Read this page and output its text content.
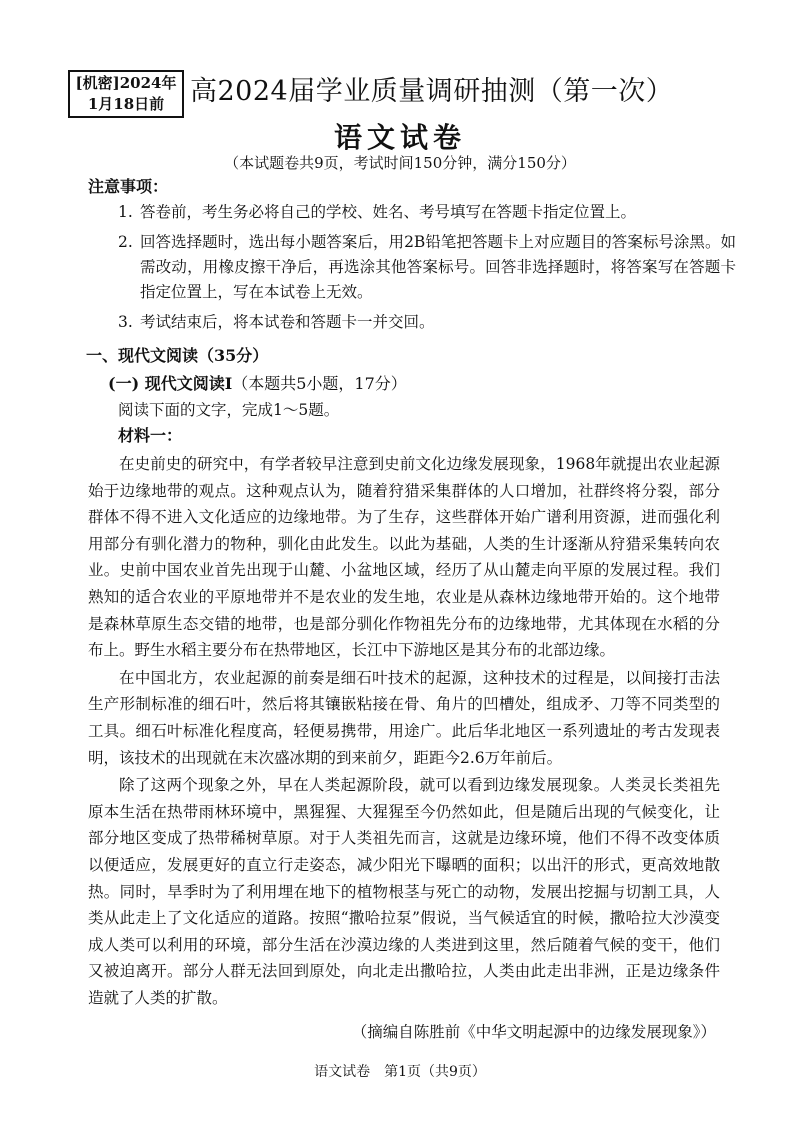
[机密]2024年
1月18日前 高2024届学业质量调研抽测（第一次）
语文试卷
（本试题卷共9页，考试时间150分钟，满分150分）
注意事项：
1. 答卷前，考生务必将自己的学校、姓名、考号填写在答题卡指定位置上。
2. 回答选择题时，选出每小题答案后，用2B铅笔把答题卡上对应题目的答案标号涂黑。如需改动，用橡皮擦干净后，再选涂其他答案标号。回答非选择题时，将答案写在答题卡指定位置上，写在本试卷上无效。
3. 考试结束后，将本试卷和答题卡一并交回。
一、现代文阅读（35分）
(一) 现代文阅读Ⅰ（本题共5小题，17分）
阅读下面的文字，完成1～5题。
材料一：

在史前史的研究中，有学者较早注意到史前文化边缘发展现象，1968年就提出农业起源始于边缘地带的观点。这种观点认为，随着狩猎采集群体的人口增加，社群终将分裂，部分群体不得不进入文化适应的边缘地带。为了生存，这些群体开始广谱利用资源，进而强化利用部分有驯化潜力的物种，驯化由此发生。以此为基础，人类的生计逐渐从狩猎采集转向农业。史前中国农业首先出现于山麓、小盆地区域，经历了从山麓走向平原的发展过程。我们熟知的适合农业的平原地带并不是农业的发生地，农业是从森林边缘地带开始的。这个地带是森林草原生态交错的地带，也是部分驯化作物祖先分布的边缘地带，尤其体现在水稻的分布上。野生水稻主要分布在热带地区，长江中下游地区是其分布的北部边缘。

在中国北方，农业起源的前奏是细石叶技术的起源，这种技术的过程是，以间接打击法生产形制标准的细石叶，然后将其镶嵌粘接在骨、角片的凹槽处，组成矛、刀等不同类型的工具。细石叶标准化程度高，轻便易携带，用途广。此后华北地区一系列遗址的考古发现表明，该技术的出现就在末次盛冰期的到来前夕，距距今2.6万年前后。

除了这两个现象之外，早在人类起源阶段，就可以看到边缘发展现象。人类灵长类祖先原本生活在热带雨林环境中，黑猩猩、大猩猩至今仍然如此，但是随后出现的气候变化，让部分地区变成了热带稀树草原。对于人类祖先而言，这就是边缘环境，他们不得不改变体质以便适应，发展更好的直立行走姿态，减少阳光下曝晒的面积；以出汗的形式，更高效地散热。同时，旱季时为了利用埋在地下的植物根茎与死亡的动物，发展出挖掘与切割工具，人类从此走上了文化适应的道路。按照“撒哈拉泵”假说，当气候适宜的时候，撒哈拉大沙漠变成人类可以利用的环境，部分生活在沙漠边缘的人类进到这里，然后随着气候的变干，他们又被迫离开。部分人群无法回到原处，向北走出撒哈拉，人类由此走出非洲，正是边缘条件造就了人类的扩散。

（摘编自陈胜前《中华文明起源中的边缘发展现象》）
语文试卷　第1页（共9页）
